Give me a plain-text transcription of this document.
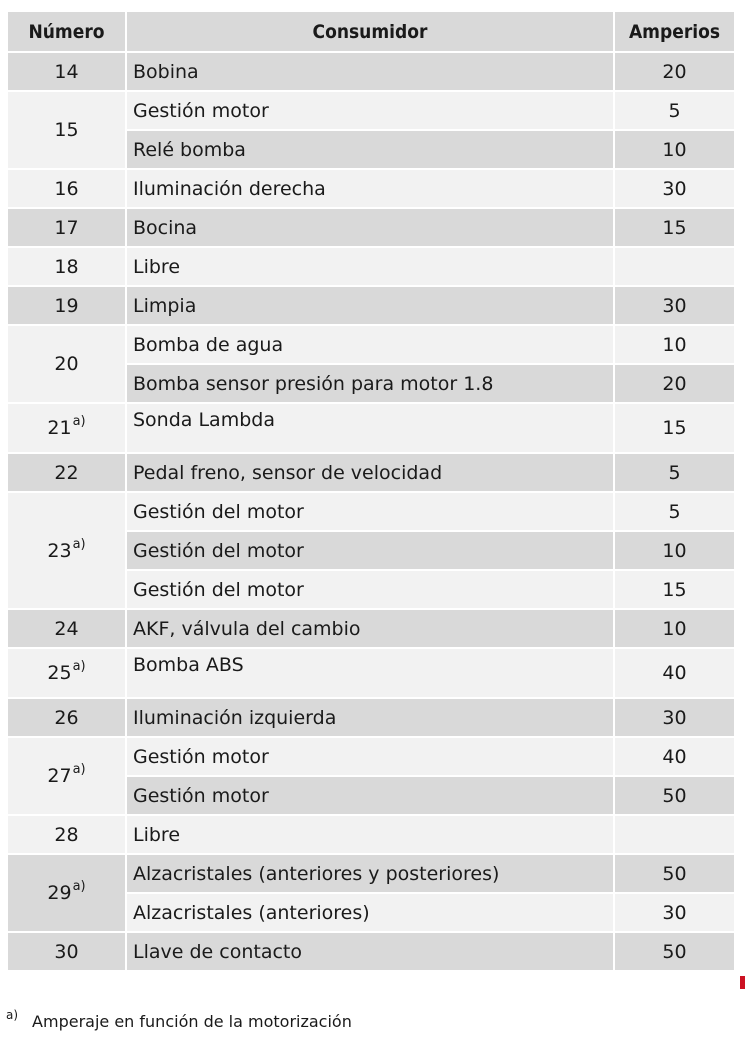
Número	Consumidor	Amperios
14	Bobina	20
15	Gestión motor	5
	Relé bomba	10
16	Iluminación derecha	30
17	Bocina	15
18	Libre	
19	Limpia	30
20	Bomba de agua	10
	Bomba sensor presión para motor 1.8	20
21$^{a)}$	Sonda Lambda	15
22	Pedal freno, sensor de velocidad	5
23$^{a)}$	Gestión del motor	5
	Gestión del motor	10
	Gestión del motor	15
24	AKF, válvula del cambio	10
25$^{a)}$	Bomba ABS	40
26	Iluminación izquierda	30
27$^{a)}$	Gestión motor	40
	Gestión motor	50
28	Libre	
29$^{a)}$	Alzacristales (anteriores y posteriores)	50
	Alzacristales (anteriores)	30
30	Llave de contacto	50
$^{a)}$ Amperaje en función de la motorización
